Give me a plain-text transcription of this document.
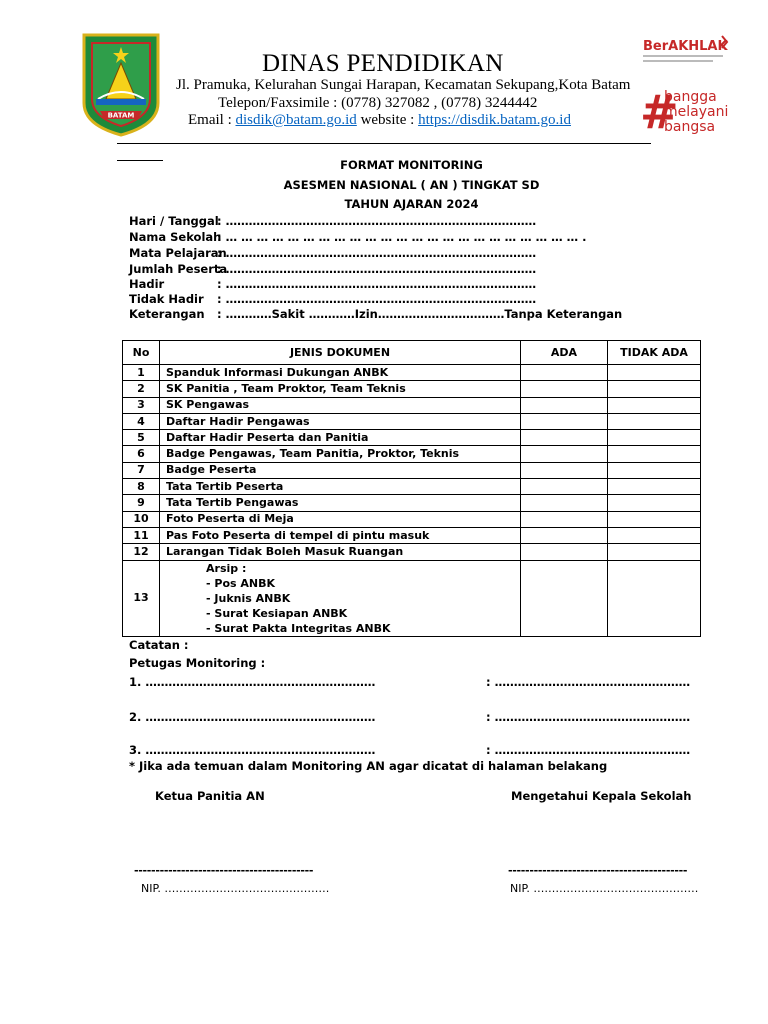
BATAM
DINAS PENDIDIKAN
Jl. Pramuka, Kelurahan Sungai Harapan, Kecamatan Sekupang,Kota Batam
Telepon/Faxsimile : (0778) 327082 , (0778) 3244442
Email : disdik@batam.go.id website : https://disdik.batam.go.id
BerAKHLAK
#
bangga
melayani
bangsa
FORMAT MONITORING
ASESMEN NASIONAL ( AN ) TINGKAT SD
TAHUN AJARAN 2024
Hari / Tanggal: ………………………………………………………………………
Nama Sekolah: … … … … … … … … … … … … … … … … … … … … … … … .
Mata Pelajaran: ………………………………………………………………………
Jumlah Peserta: ………………………………………………………………………
Hadir	: ………………………………………………………………………
Tidak Hadir : ………………………………………………………………………
Keterangan : …………Sakit …………Izin……………………………Tanpa Keterangan
No	JENIS DOKUMEN	ADA	TIDAK ADA
1	Spanduk Informasi Dukungan ANBK		
2	SK Panitia , Team Proktor, Team Teknis		
3	SK Pengawas		
4	Daftar Hadir Pengawas		
5	Daftar Hadir Peserta dan Panitia		
6	Badge Pengawas, Team Panitia, Proktor, Teknis		
7	Badge Peserta		
8	Tata Tertib Peserta		
9	Tata Tertib Pengawas		
10	Foto Peserta di Meja		
11	Pas Foto Peserta di tempel di pintu masuk		
12	Larangan Tidak Boleh Masuk Ruangan		
13	Arsip :
- Pos ANBK
- Juknis ANBK
- Surat Kesiapan ANBK
- Surat Pakta Integritas ANBK		

Catatan :
Petugas Monitoring :
1. ……………………………………………………	: ……………………………………………
2. ……………………………………………………	: ……………………………………………
3. ……………………………………………………	: ……………………………………………
* Jika ada temuan dalam Monitoring AN agar dicatat di halaman belakang
Ketua Panitia AN	Mengetahui Kepala Sekolah
------------------------------------------	------------------------------------------
NIP. ………………………………………	NIP. ………………………………………
